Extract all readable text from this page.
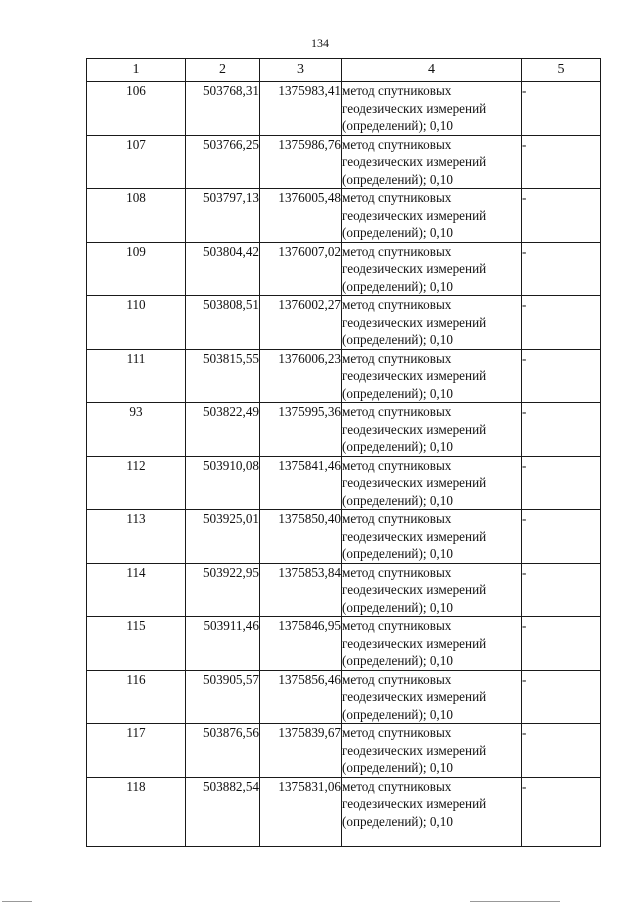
134
1	2	3	4	5
106	503768,31	1375983,41	метод спутниковых
геодезических измерений
(определений); 0,10	-
107	503766,25	1375986,76	метод спутниковых
геодезических измерений
(определений); 0,10	-
108	503797,13	1376005,48	метод спутниковых
геодезических измерений
(определений); 0,10	-
109	503804,42	1376007,02	метод спутниковых
геодезических измерений
(определений); 0,10	-
110	503808,51	1376002,27	метод спутниковых
геодезических измерений
(определений); 0,10	-
111	503815,55	1376006,23	метод спутниковых
геодезических измерений
(определений); 0,10	-
93	503822,49	1375995,36	метод спутниковых
геодезических измерений
(определений); 0,10	-
112	503910,08	1375841,46	метод спутниковых
геодезических измерений
(определений); 0,10	-
113	503925,01	1375850,40	метод спутниковых
геодезических измерений
(определений); 0,10	-
114	503922,95	1375853,84	метод спутниковых
геодезических измерений
(определений); 0,10	-
115	503911,46	1375846,95	метод спутниковых
геодезических измерений
(определений); 0,10	-
116	503905,57	1375856,46	метод спутниковых
геодезических измерений
(определений); 0,10	-
117	503876,56	1375839,67	метод спутниковых
геодезических измерений
(определений); 0,10	-
118	503882,54	1375831,06	метод спутниковых
геодезических измерений
(определений); 0,10	-
